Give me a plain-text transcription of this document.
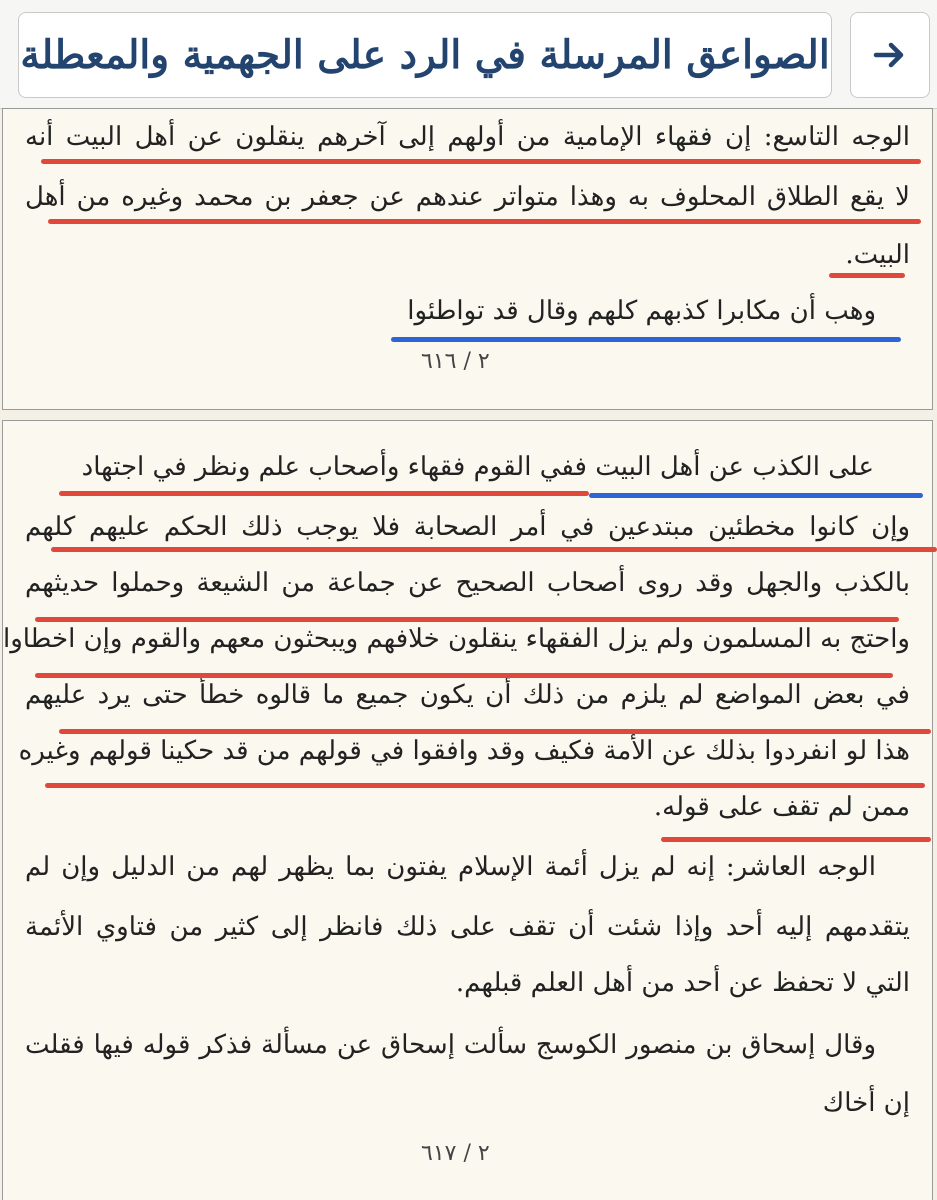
الصواعق المرسلة في الرد على الجهمية والمعطلة
الوجه التاسع: إن فقهاء الإمامية من أولهم إلى آخرهم ينقلون عن أهل البيت أنه
لا يقع الطلاق المحلوف به وهذا متواتر عندهم عن جعفر بن محمد وغيره من أهل
البيت.
وهب أن مكابرا كذبهم كلهم وقال قد تواطئوا
٢ / ٦١٦
على الكذب عن أهل البيت ففي القوم فقهاء وأصحاب علم ونظر في اجتهاد
وإن كانوا مخطئين مبتدعين في أمر الصحابة فلا يوجب ذلك الحكم عليهم كلهم
بالكذب والجهل وقد روى أصحاب الصحيح عن جماعة من الشيعة وحملوا حديثهم
واحتج به المسلمون ولم يزل الفقهاء ينقلون خلافهم ويبحثون معهم والقوم وإن اخطاوا
في بعض المواضع لم يلزم من ذلك أن يكون جميع ما قالوه خطأ حتى يرد عليهم
هذا لو انفردوا بذلك عن الأمة فكيف وقد وافقوا في قولهم من قد حكينا قولهم وغيره
ممن لم تقف على قوله.
الوجه العاشر: إنه لم يزل أئمة الإسلام يفتون بما يظهر لهم من الدليل وإن لم
يتقدمهم إليه أحد وإذا شئت أن تقف على ذلك فانظر إلى كثير من فتاوي الأئمة
التي لا تحفظ عن أحد من أهل العلم قبلهم.
وقال إسحاق بن منصور الكوسج سألت إسحاق عن مسألة فذكر قوله فيها فقلت
إن أخاك
٢ / ٦١٧
